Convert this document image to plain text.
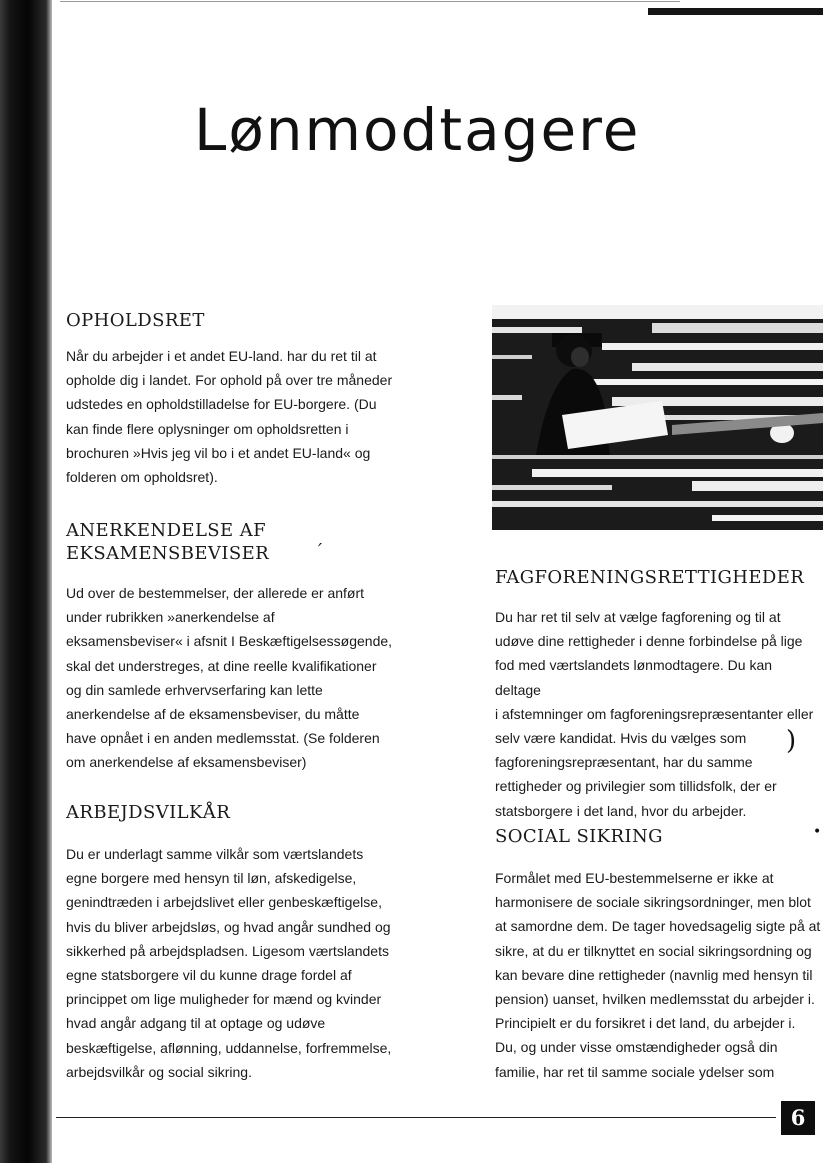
Lønmodtagere
OPHOLDSRET

Når du arbejder i et andet EU-land. har du ret til at
opholde dig i landet. For ophold på over tre måneder
udstedes en opholdstilladelse for EU-borgere. (Du
kan finde flere oplysninger om opholdsretten i
brochuren »Hvis jeg vil bo i et andet EU-land« og
folderen om opholdsret).

ANERKENDELSE AF
EKSAMENSBEVISER	′

Ud over de bestemmelser, der allerede er anført
under rubrikken »anerkendelse af
eksamensbeviser« i afsnit I Beskæftigelsessøgende,
skal det understreges, at dine reelle kvalifikationer
og din samlede erhvervserfaring kan lette
anerkendelse af de eksamensbeviser, du måtte
have opnået i en anden medlemsstat. (Se folderen
om anerkendelse af eksamensbeviser)

ARBEJDSVILKÅR

Du er underlagt samme vilkår som værtslandets
egne borgere med hensyn til løn, afskedigelse,
genindtræden i arbejdslivet eller genbeskæftigelse,
hvis du bliver arbejdsløs, og hvad angår sundhed og
sikkerhed på arbejdspladsen. Ligesom værtslandets
egne statsborgere vil du kunne drage fordel af
princippet om lige muligheder for mænd og kvinder
hvad angår adgang til at optage og udøve
beskæftigelse, aflønning, uddannelse, forfremmelse,
arbejdsvilkår og social sikring.

FAGFORENINGSRETTIGHEDER

Du har ret til selv at vælge fagforening og til at
udøve dine rettigheder i denne forbindelse på lige
fod med værtslandets lønmodtagere. Du kan deltage
i afstemninger om fagforeningsrepræsentanter eller
selv være kandidat. Hvis du vælges som
fagforeningsrepræsentant, har du samme
rettigheder og privilegier som tillidsfolk, der er
statsborgere i det land, hvor du arbejder.

)
SOCIAL SIKRING	•

Formålet med EU-bestemmelserne er ikke at
harmonisere de sociale sikringsordninger, men blot
at samordne dem. De tager hovedsagelig sigte på at
sikre, at du er tilknyttet en social sikringsordning og
kan bevare dine rettigheder (navnlig med hensyn til
pension) uanset, hvilken medlemsstat du arbejder i.
Principielt er du forsikret i det land, du arbejder i.
Du, og under visse omstændigheder også din
familie, har ret til samme sociale ydelser som

6
